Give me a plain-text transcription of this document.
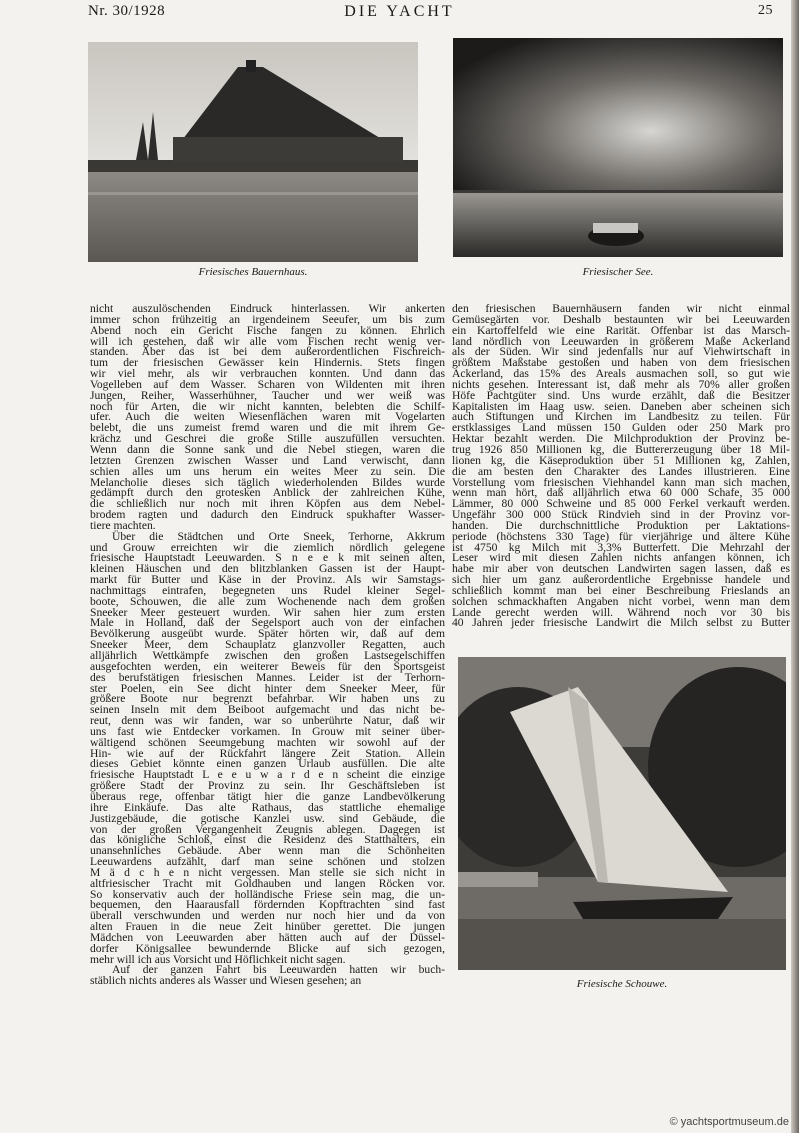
Nr. 30/1928	DIE YACHT	25
Friesisches Bauernhaus.	Friesischer See.
nicht auszulöschenden Eindruck hinterlassen. Wir ankerten
immer schon frühzeitig an irgendeinem Seeufer, um bis zum
Abend noch ein Gericht Fische fangen zu können. Ehrlich
will ich gestehen, daß wir alle vom Fischen recht wenig ver-
standen. Aber das ist bei dem außerordentlichen Fischreich-
tum der friesischen Gewässer kein Hindernis. Stets fingen
wir viel mehr, als wir verbrauchen konnten. Und dann das
Vogelleben auf dem Wasser. Scharen von Wildenten mit ihren
Jungen, Reiher, Wasserhühner, Taucher und wer weiß was
noch für Arten, die wir nicht kannten, belebten die Schilf-
ufer. Auch die weiten Wiesenflächen waren mit Vogelarten
belebt, die uns zumeist fremd waren und die mit ihrem Ge-
krächz und Geschrei die große Stille auszufüllen versuchten.
Wenn dann die Sonne sank und die Nebel stiegen, waren die
letzten Grenzen zwischen Wasser und Land verwischt, dann
schien alles um uns herum ein weites Meer zu sein. Die
Melancholie dieses sich täglich wiederholenden Bildes wurde
gedämpft durch den grotesken Anblick der zahlreichen Kühe,
die schließlich nur noch mit ihren Köpfen aus dem Nebel-
brodem ragten und dadurch den Eindruck spukhafter Wasser-
tiere machten.
Über die Städtchen und Orte Sneek, Terhorne, Akkrum
und Grouw erreichten wir die ziemlich nördlich gelegene
friesische Hauptstadt Leeuwarden. S n e e k mit seinen alten,
kleinen Häuschen und den blitzblanken Gassen ist der Haupt-
markt für Butter und Käse in der Provinz. Als wir Samstags-
nachmittags eintrafen, begegneten uns Rudel kleiner Segel-
boote, Schouwen, die alle zum Wochenende nach dem großen
Sneeker Meer gesteuert wurden. Wir sahen hier zum ersten
Male in Holland, daß der Segelsport auch von der einfachen
Bevölkerung ausgeübt wurde. Später hörten wir, daß auf dem
Sneeker Meer, dem Schauplatz glanzvoller Regatten, auch
alljährlich Wettkämpfe zwischen den großen Lastsegelschiffen
ausgefochten werden, ein weiterer Beweis für den Sportsgeist
des berufstätigen friesischen Mannes. Leider ist der Terhorn-
ster Poelen, ein See dicht hinter dem Sneeker Meer, für
größere Boote nur begrenzt befahrbar. Wir haben uns zu
seinen Inseln mit dem Beiboot aufgemacht und das nicht be-
reut, denn was wir fanden, war so unberührte Natur, daß wir
uns fast wie Entdecker vorkamen. In Grouw mit seiner über-
wältigend schönen Seeumgebung machten wir sowohl auf der
Hin- wie auf der Rückfahrt längere Zeit Station. Allein
dieses Gebiet könnte einen ganzen Urlaub ausfüllen. Die alte
friesische Hauptstadt L e e u w a r d e n scheint die einzige
größere Stadt der Provinz zu sein. Ihr Geschäftsleben ist
überaus rege, offenbar tätigt hier die ganze Landbevölkerung
ihre Einkäufe. Das alte Rathaus, das stattliche ehemalige
Justizgebäude, die gotische Kanzlei usw. sind Gebäude, die
von der großen Vergangenheit Zeugnis ablegen. Dagegen ist
das königliche Schloß, einst die Residenz des Statthalters, ein
unansehnliches Gebäude. Aber wenn man die Schönheiten
Leeuwardens aufzählt, darf man seine schönen und stolzen
M ä d c h e n nicht vergessen. Man stelle sie sich nicht in
altfriesischer Tracht mit Goldhauben und langen Röcken vor.
So konservativ auch der holländische Friese sein mag, die un-
bequemen, den Haarausfall fördernden Kopftrachten sind fast
überall verschwunden und werden nur noch hier und da von
alten Frauen in die neue Zeit hinüber gerettet. Die jungen
Mädchen von Leeuwarden aber hätten auch auf der Düssel-
dorfer Königsallee bewundernde Blicke auf sich gezogen,
mehr will ich aus Vorsicht und Höflichkeit nicht sagen.
Auf der ganzen Fahrt bis Leeuwarden hatten wir buch-
stäblich nichts anderes als Wasser und Wiesen gesehen; an
den friesischen Bauernhäusern fanden wir nicht einmal
Gemüsegärten vor. Deshalb bestaunten wir bei Leeuwarden
ein Kartoffelfeld wie eine Rarität. Offenbar ist das Marsch-
land nördlich von Leeuwarden in größerem Maße Ackerland
als der Süden. Wir sind jedenfalls nur auf Viehwirtschaft in
größtem Maßstabe gestoßen und haben von dem friesischen
Ackerland, das 15% des Areals ausmachen soll, so gut wie
nichts gesehen. Interessant ist, daß mehr als 70% aller großen
Höfe Pachtgüter sind. Uns wurde erzählt, daß die Besitzer
Kapitalisten im Haag usw. seien. Daneben aber scheinen sich
auch Stiftungen und Kirchen im Landbesitz zu teilen. Für
erstklassiges Land müssen 150 Gulden oder 250 Mark pro
Hektar bezahlt werden. Die Milchproduktion der Provinz be-
trug 1926 850 Millionen kg, die Buttererzeugung über 18 Mil-
lionen kg, die Käseproduktion über 51 Millionen kg, Zahlen,
die am besten den Charakter des Landes illustrieren. Eine
Vorstellung vom friesischen Viehhandel kann man sich machen,
wenn man hört, daß alljährlich etwa 60 000 Schafe, 35 000
Lämmer, 80 000 Schweine und 85 000 Ferkel verkauft werden.
Ungefähr 300 000 Stück Rindvieh sind in der Provinz vor-
handen. Die durchschnittliche Produktion per Laktations-
periode (höchstens 330 Tage) für vierjährige und ältere Kühe
ist 4750 kg Milch mit 3,3% Butterfett. Die Mehrzahl der
Leser wird mit diesen Zahlen nichts anfangen können, ich
habe mir aber von deutschen Landwirten sagen lassen, daß es
sich hier um ganz außerordentliche Ergebnisse handele und
schließlich kommt man bei einer Beschreibung Frieslands an
solchen schmackhaften Angaben nicht vorbei, wenn man dem
Lande gerecht werden will. Während noch vor 30 bis
40 Jahren jeder friesische Landwirt die Milch selbst zu Butter
Friesische Schouwe.
© yachtsportmuseum.de
